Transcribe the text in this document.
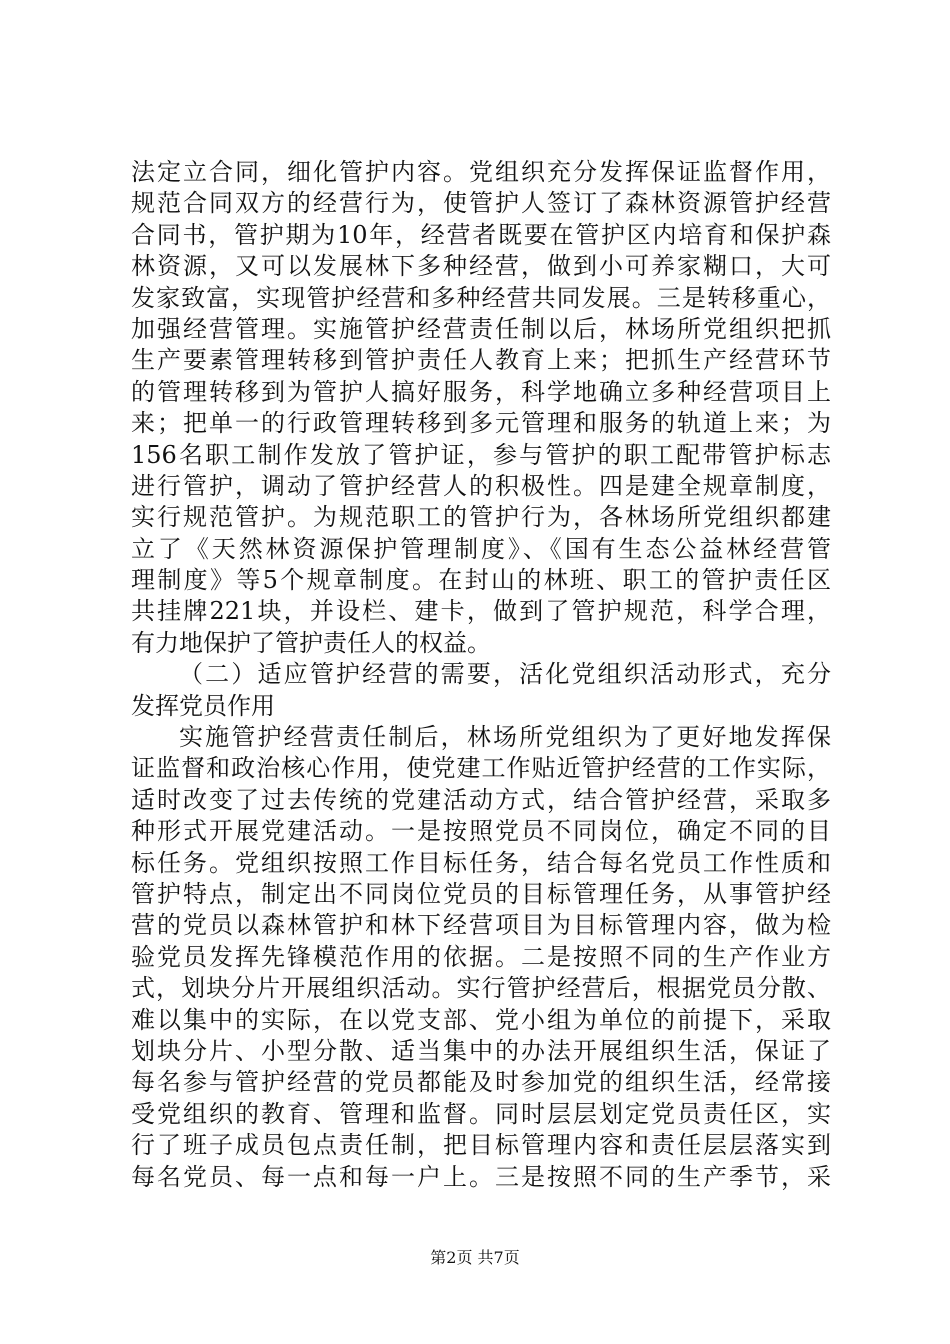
法定立合同，细化管护内容。党组织充分发挥保证监督作用，
规范合同双方的经营行为，使管护人签订了森林资源管护经营
合同书，管护期为10年，经营者既要在管护区内培育和保护森
林资源，又可以发展林下多种经营，做到小可养家糊口，大可
发家致富，实现管护经营和多种经营共同发展。三是转移重心，
加强经营管理。实施管护经营责任制以后，林场所党组织把抓
生产要素管理转移到管护责任人教育上来；把抓生产经营环节
的管理转移到为管护人搞好服务，科学地确立多种经营项目上
来；把单一的行政管理转移到多元管理和服务的轨道上来；为
156名职工制作发放了管护证，参与管护的职工配带管护标志
进行管护，调动了管护经营人的积极性。四是建全规章制度，
实行规范管护。为规范职工的管护行为，各林场所党组织都建
立了《天然林资源保护管理制度》、《国有生态公益林经营管
理制度》等5个规章制度。在封山的林班、职工的管护责任区
共挂牌221块，并设栏、建卡，做到了管护规范，科学合理，
有力地保护了管护责任人的权益。
（二）适应管护经营的需要，活化党组织活动形式，充分
发挥党员作用
实施管护经营责任制后，林场所党组织为了更好地发挥保
证监督和政治核心作用，使党建工作贴近管护经营的工作实际，
适时改变了过去传统的党建活动方式，结合管护经营，采取多
种形式开展党建活动。一是按照党员不同岗位，确定不同的目
标任务。党组织按照工作目标任务，结合每名党员工作性质和
管护特点，制定出不同岗位党员的目标管理任务，从事管护经
营的党员以森林管护和林下经营项目为目标管理内容，做为检
验党员发挥先锋模范作用的依据。二是按照不同的生产作业方
式，划块分片开展组织活动。实行管护经营后，根据党员分散、
难以集中的实际，在以党支部、党小组为单位的前提下，采取
划块分片、小型分散、适当集中的办法开展组织生活，保证了
每名参与管护经营的党员都能及时参加党的组织生活，经常接
受党组织的教育、管理和监督。同时层层划定党员责任区，实
行了班子成员包点责任制，把目标管理内容和责任层层落实到
每名党员、每一点和每一户上。三是按照不同的生产季节，采
第2页 共7页
